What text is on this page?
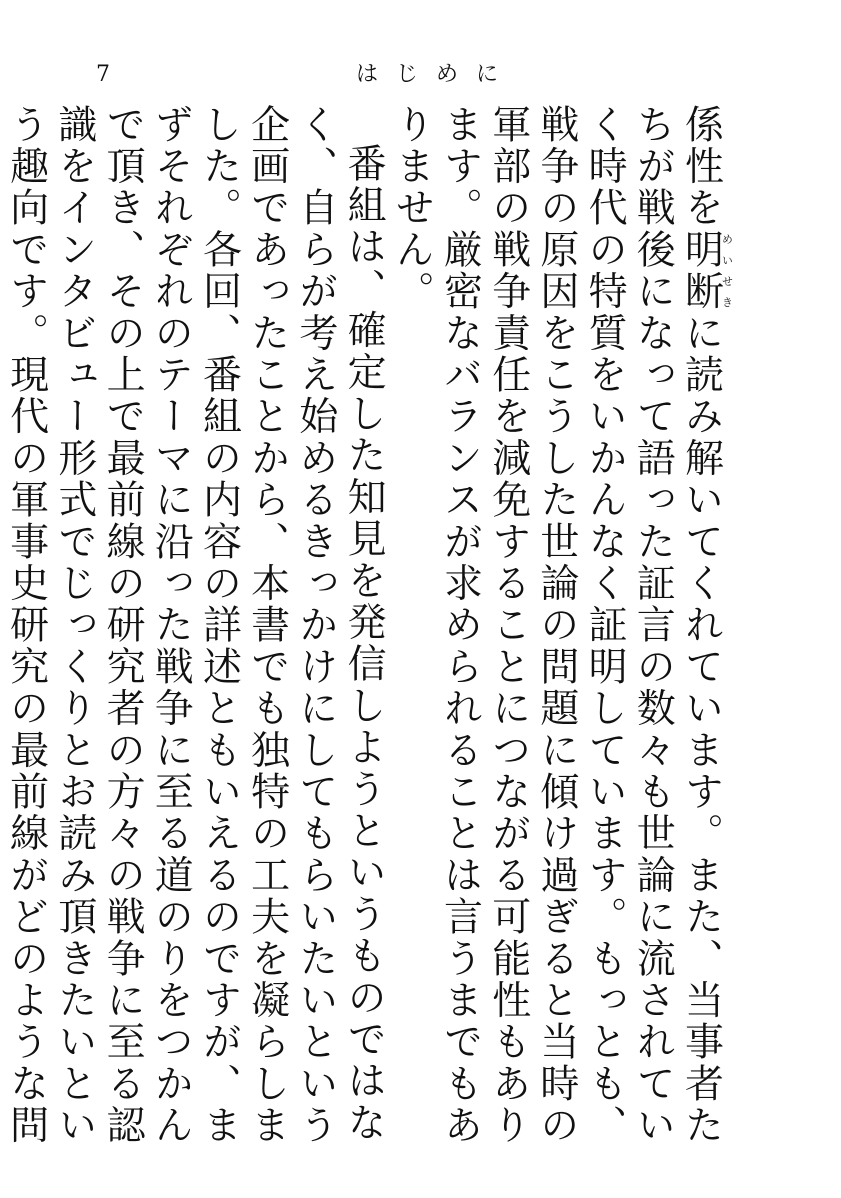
7	はじめに

係性を明断めいせきに読み解いてくれています。また、当事者たちが戦後になって語った証言の数々も世論に流されていく時代の特質をいかんなく証明しています。もっとも、戦争の原因をこうした世論の問題に傾け過ぎると当時の軍部の戦争責任を減免することにつながる可能性もあります。厳密なバランスが求められることは言うまでもありません。

番組は、確定した知見を発信しようというものではなく、自らが考え始めるきっかけにしてもらいたいという企画であったことから、本書でも独特の工夫を凝らしました。各回、番組の内容の詳述ともいえるのですが、まずそれぞれのテーマに沿った戦争に至る道のりをつかんで頂き、その上で最前線の研究者の方々の戦争に至る認識をインタビュー形式でじっくりとお読み頂きたいという趣向です。現代の軍事史研究の最前線がどのような問
